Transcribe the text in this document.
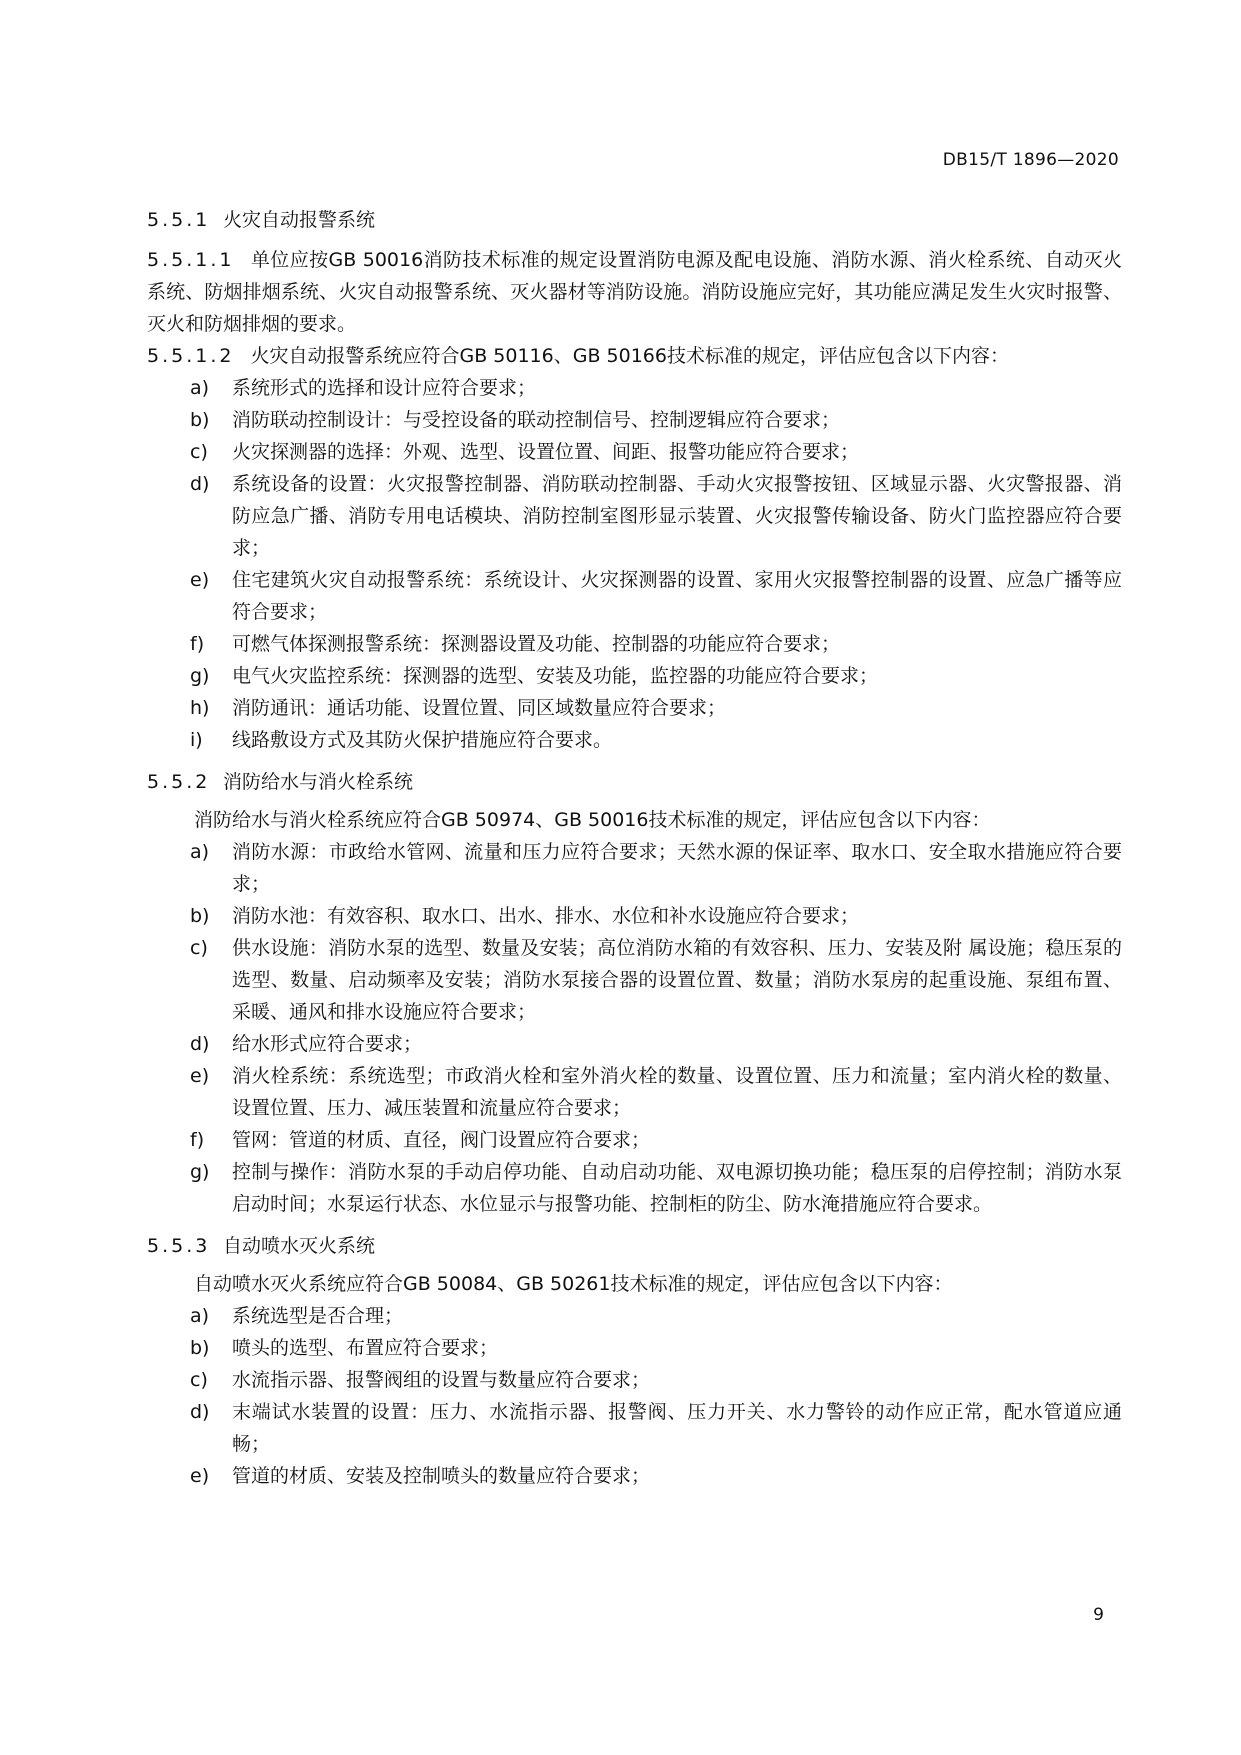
DB15/T 1896—2020
5.5.1 火灾自动报警系统
5.5.1.1 单位应按GB 50016消防技术标准的规定设置消防电源及配电设施、消防水源、消火栓系统、自动灭火系统、防烟排烟系统、火灾自动报警系统、灭火器材等消防设施。消防设施应完好，其功能应满足发生火灾时报警、灭火和防烟排烟的要求。
5.5.1.2 火灾自动报警系统应符合GB 50116、GB 50166技术标准的规定，评估应包含以下内容：
a)	系统形式的选择和设计应符合要求；
b)	消防联动控制设计：与受控设备的联动控制信号、控制逻辑应符合要求；
c)	火灾探测器的选择：外观、选型、设置位置、间距、报警功能应符合要求；
d)	系统设备的设置：火灾报警控制器、消防联动控制器、手动火灾报警按钮、区域显示器、火灾警报器、消防应急广播、消防专用电话模块、消防控制室图形显示装置、火灾报警传输设备、防火门监控器应符合要求；
e)	住宅建筑火灾自动报警系统：系统设计、火灾探测器的设置、家用火灾报警控制器的设置、应急广播等应符合要求；
f)	可燃气体探测报警系统：探测器设置及功能、控制器的功能应符合要求；
g)	电气火灾监控系统：探测器的选型、安装及功能，监控器的功能应符合要求；
h)	消防通讯：通话功能、设置位置、同区域数量应符合要求；
i)	线路敷设方式及其防火保护措施应符合要求。
5.5.2 消防给水与消火栓系统
消防给水与消火栓系统应符合GB 50974、GB 50016技术标准的规定，评估应包含以下内容：
a)	消防水源：市政给水管网、流量和压力应符合要求；天然水源的保证率、取水口、安全取水措施应符合要求；
b)	消防水池：有效容积、取水口、出水、排水、水位和补水设施应符合要求；
c)	供水设施：消防水泵的选型、数量及安装；高位消防水箱的有效容积、压力、安装及附 属设施；稳压泵的选型、数量、启动频率及安装；消防水泵接合器的设置位置、数量；消防水泵房的起重设施、泵组布置、采暖、通风和排水设施应符合要求；
d)	给水形式应符合要求；
e)	消火栓系统：系统选型；市政消火栓和室外消火栓的数量、设置位置、压力和流量；室内消火栓的数量、设置位置、压力、减压装置和流量应符合要求；
f)	管网：管道的材质、直径，阀门设置应符合要求；
g)	控制与操作：消防水泵的手动启停功能、自动启动功能、双电源切换功能；稳压泵的启停控制；消防水泵启动时间；水泵运行状态、水位显示与报警功能、控制柜的防尘、防水淹措施应符合要求。
5.5.3 自动喷水灭火系统
自动喷水灭火系统应符合GB 50084、GB 50261技术标准的规定，评估应包含以下内容：
a)	系统选型是否合理；
b)	喷头的选型、布置应符合要求；
c)	水流指示器、报警阀组的设置与数量应符合要求；
d)	末端试水装置的设置：压力、水流指示器、报警阀、压力开关、水力警铃的动作应正常，配水管道应通畅；
e)	管道的材质、安装及控制喷头的数量应符合要求；
9
